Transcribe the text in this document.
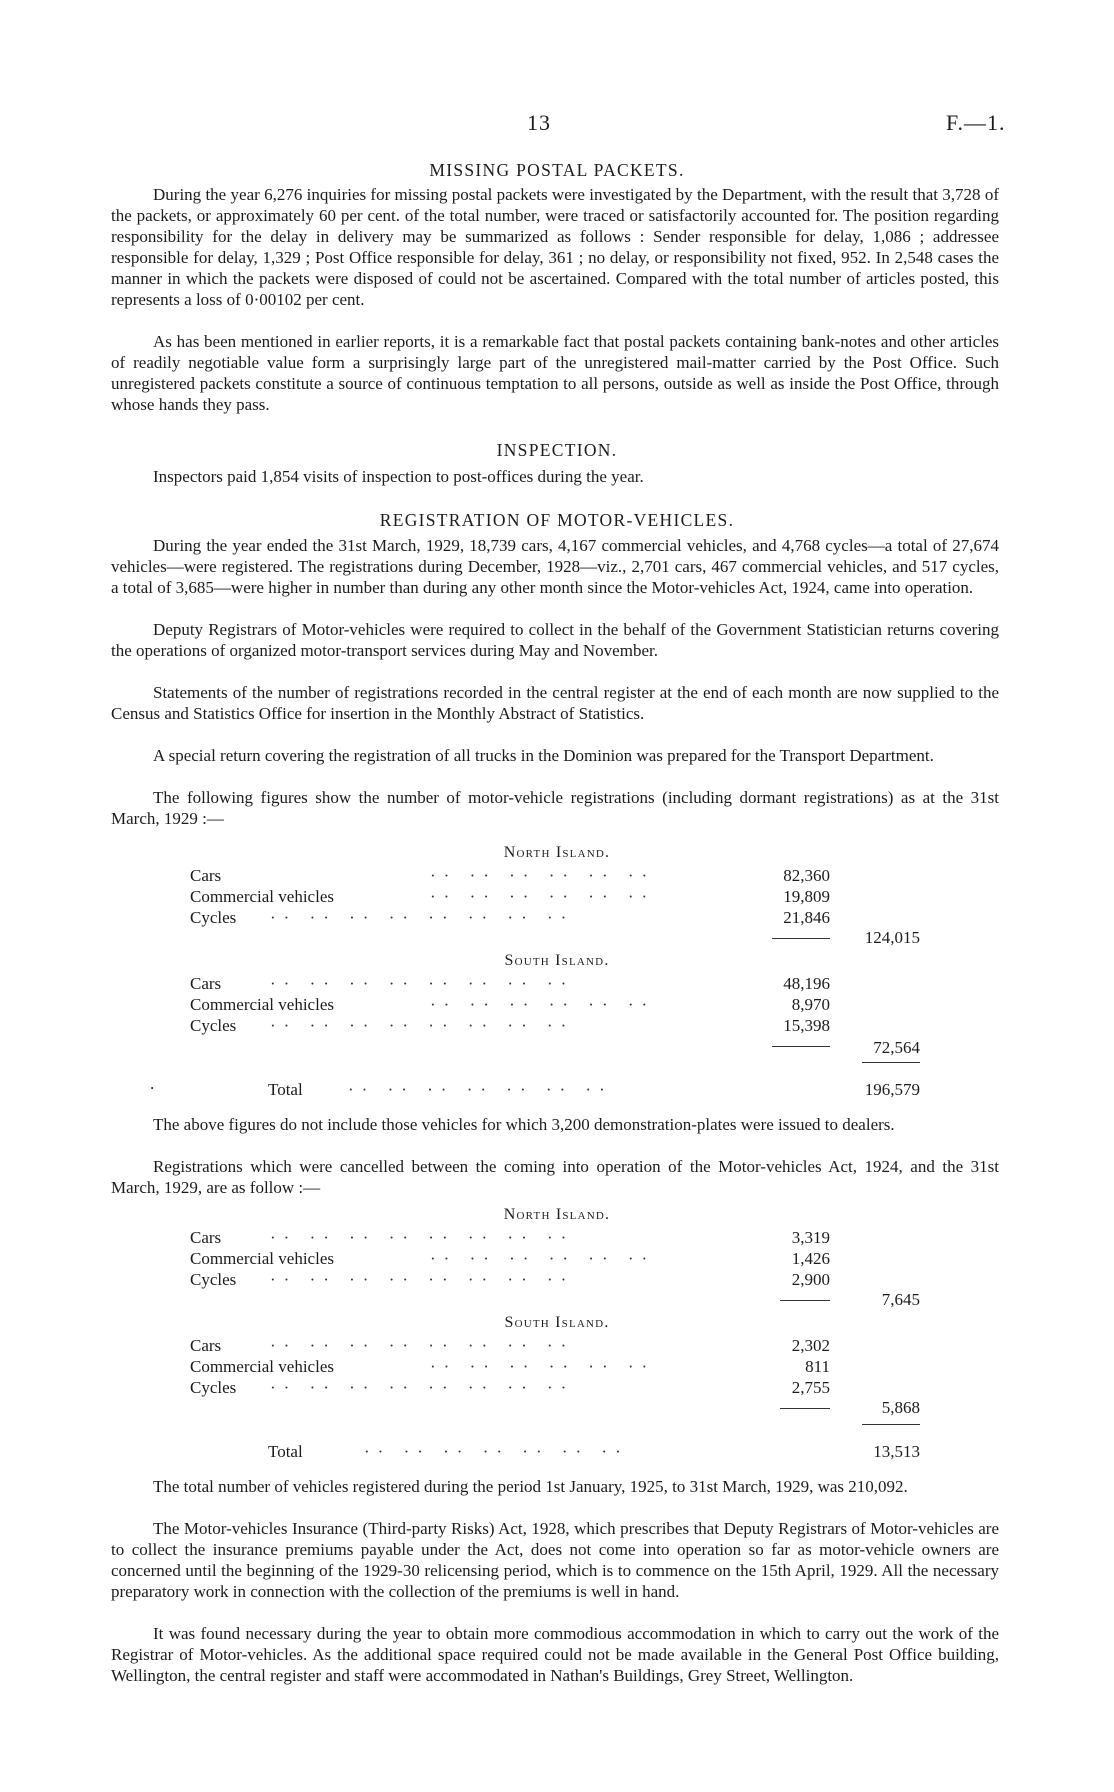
13	F.—1.
MISSING POSTAL PACKETS.

During the year 6,276 inquiries for missing postal packets were investigated by the Department, with the result that 3,728 of the packets, or approximately 60 per cent. of the total number, were traced or satisfactorily accounted for. The position regarding responsibility for the delay in delivery may be summarized as follows : Sender responsible for delay, 1,086 ; addressee responsible for delay, 1,329 ; Post Office responsible for delay, 361 ; no delay, or responsibility not fixed, 952. In 2,548 cases the manner in which the packets were disposed of could not be ascertained. Compared with the total number of articles posted, this represents a loss of 0·00102 per cent.

As has been mentioned in earlier reports, it is a remarkable fact that postal packets containing bank-notes and other articles of readily negotiable value form a surprisingly large part of the unregistered mail-matter carried by the Post Office. Such unregistered packets constitute a source of continuous temptation to all persons, outside as well as inside the Post Office, through whose hands they pass.

INSPECTION.

Inspectors paid 1,854 visits of inspection to post-offices during the year.

REGISTRATION OF MOTOR-VEHICLES.

During the year ended the 31st March, 1929, 18,739 cars, 4,167 commercial vehicles, and 4,768 cycles—a total of 27,674 vehicles—were registered. The registrations during December, 1928—viz., 2,701 cars, 467 commercial vehicles, and 517 cycles, a total of 3,685—were higher in number than during any other month since the Motor-vehicles Act, 1924, came into operation.

Deputy Registrars of Motor-vehicles were required to collect in the behalf of the Government Statistician returns covering the operations of organized motor-transport services during May and November.

Statements of the number of registrations recorded in the central register at the end of each month are now supplied to the Census and Statistics Office for insertion in the Monthly Abstract of Statistics.

A special return covering the registration of all trucks in the Dominion was prepared for the Transport Department.

The following figures show the number of motor-vehicle registrations (including dormant registrations) as at the 31st March, 1929 :—

North Island.
·· ·· ·· ·· ·· ··
Cars	82,360
·· ·· ·· ·· ·· ··
Commercial vehicles	19,809
·· ·· ·· ·· ·· ·· ·· ··
Cycles	21,846
124,015
South Island.
·· ·· ·· ·· ·· ·· ·· ··
Cars	48,196
·· ·· ·· ·· ·· ··
Commercial vehicles	8,970
·· ·· ·· ·· ·· ·· ·· ··
Cycles	15,398
72,564
.	·· ·· ·· ·· ·· ·· ··
Total	196,579

The above figures do not include those vehicles for which 3,200 demonstration-plates were issued to dealers.

Registrations which were cancelled between the coming into operation of the Motor-vehicles Act, 1924, and the 31st March, 1929, are as follow :—

North Island.
·· ·· ·· ·· ·· ·· ·· ··
Cars	3,319
·· ·· ·· ·· ·· ··
Commercial vehicles	1,426
·· ·· ·· ·· ·· ·· ·· ··
Cycles	2,900
7,645
South Island.
·· ·· ·· ·· ·· ·· ·· ··
Cars	2,302
·· ·· ·· ·· ·· ··
Commercial vehicles	811
·· ·· ·· ·· ·· ·· ·· ··
Cycles	2,755
5,868
·· ·· ·· ·· ·· ·· ··
Total	13,513

The total number of vehicles registered during the period 1st January, 1925, to 31st March, 1929, was 210,092.

The Motor-vehicles Insurance (Third-party Risks) Act, 1928, which prescribes that Deputy Registrars of Motor-vehicles are to collect the insurance premiums payable under the Act, does not come into operation so far as motor-vehicle owners are concerned until the beginning of the 1929-30 relicensing period, which is to commence on the 15th April, 1929. All the necessary preparatory work in connection with the collection of the premiums is well in hand.

It was found necessary during the year to obtain more commodious accommodation in which to carry out the work of the Registrar of Motor-vehicles. As the additional space required could not be made available in the General Post Office building, Wellington, the central register and staff were accommodated in Nathan's Buildings, Grey Street, Wellington.
